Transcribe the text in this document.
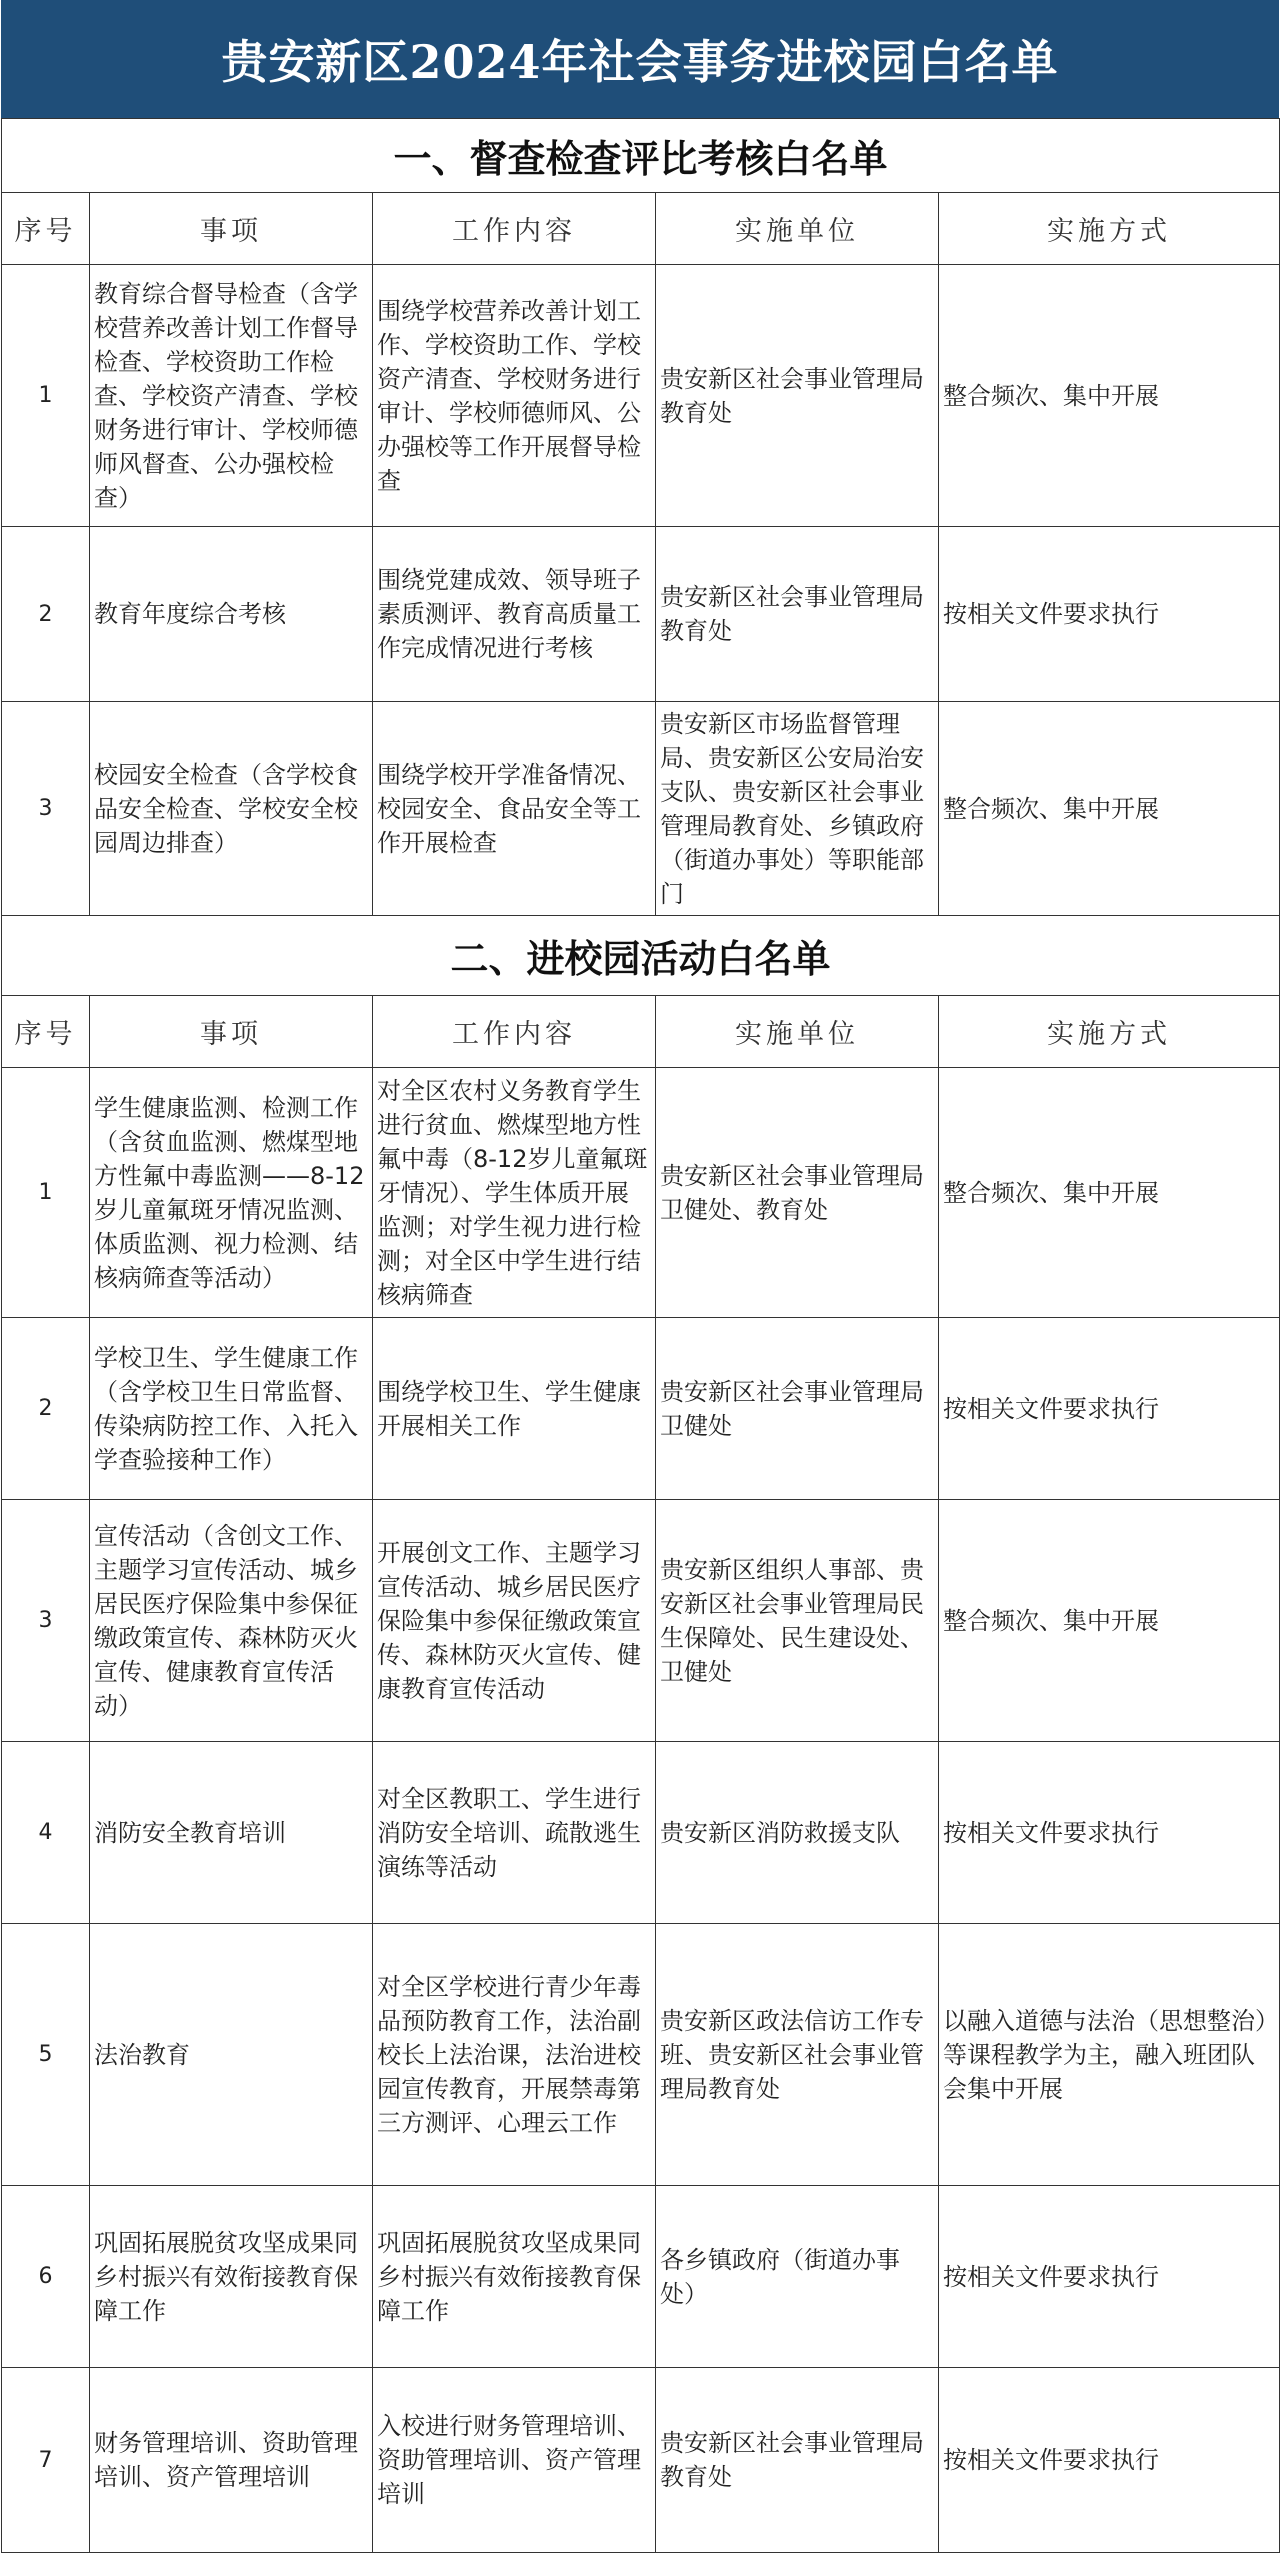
贵安新区2024年社会事务进校园白名单
一、督查检查评比考核白名单				
序号	事项	工作内容	实施单位	实施方式
1	教育综合督导检查（含学校营养改善计划工作督导检查、学校资助工作检查、学校资产清查、学校财务进行审计、学校师德师风督查、公办强校检查）	围绕学校营养改善计划工作、学校资助工作、学校资产清查、学校财务进行审计、学校师德师风、公办强校等工作开展督导检查	贵安新区社会事业管理局教育处	整合频次、集中开展
2	教育年度综合考核	围绕党建成效、领导班子素质测评、教育高质量工作完成情况进行考核	贵安新区社会事业管理局教育处	按相关文件要求执行
3	校园安全检查（含学校食品安全检查、学校安全校园周边排查）	围绕学校开学准备情况、校园安全、食品安全等工作开展检查	贵安新区市场监督管理局、贵安新区公安局治安支队、贵安新区社会事业管理局教育处、乡镇政府（街道办事处）等职能部门	整合频次、集中开展
二、进校园活动白名单				
序号	事项	工作内容	实施单位	实施方式
1	学生健康监测、检测工作（含贫血监测、燃煤型地方性氟中毒监测——8-12岁儿童氟斑牙情况监测、体质监测、视力检测、结核病筛查等活动）	对全区农村义务教育学生进行贫血、燃煤型地方性氟中毒（8-12岁儿童氟斑牙情况）、学生体质开展监测；对学生视力进行检测；对全区中学生进行结核病筛查	贵安新区社会事业管理局卫健处、教育处	整合频次、集中开展
2	学校卫生、学生健康工作（含学校卫生日常监督、传染病防控工作、入托入学查验接种工作）	围绕学校卫生、学生健康开展相关工作	贵安新区社会事业管理局卫健处	按相关文件要求执行
3	宣传活动（含创文工作、主题学习宣传活动、城乡居民医疗保险集中参保征缴政策宣传、森林防灭火宣传、健康教育宣传活动）	开展创文工作、主题学习宣传活动、城乡居民医疗保险集中参保征缴政策宣传、森林防灭火宣传、健康教育宣传活动	贵安新区组织人事部、贵安新区社会事业管理局民生保障处、民生建设处、卫健处	整合频次、集中开展
4	消防安全教育培训	对全区教职工、学生进行消防安全培训、疏散逃生演练等活动	贵安新区消防救援支队	按相关文件要求执行
5	法治教育	对全区学校进行青少年毒品预防教育工作，法治副校长上法治课，法治进校园宣传教育，开展禁毒第三方测评、心理云工作	贵安新区政法信访工作专班、贵安新区社会事业管理局教育处	以融入道德与法治（思想整治）等课程教学为主，融入班团队会集中开展
6	巩固拓展脱贫攻坚成果同乡村振兴有效衔接教育保障工作	巩固拓展脱贫攻坚成果同乡村振兴有效衔接教育保障工作	各乡镇政府（街道办事处）	按相关文件要求执行
7	财务管理培训、资助管理培训、资产管理培训	入校进行财务管理培训、资助管理培训、资产管理培训	贵安新区社会事业管理局教育处	按相关文件要求执行
